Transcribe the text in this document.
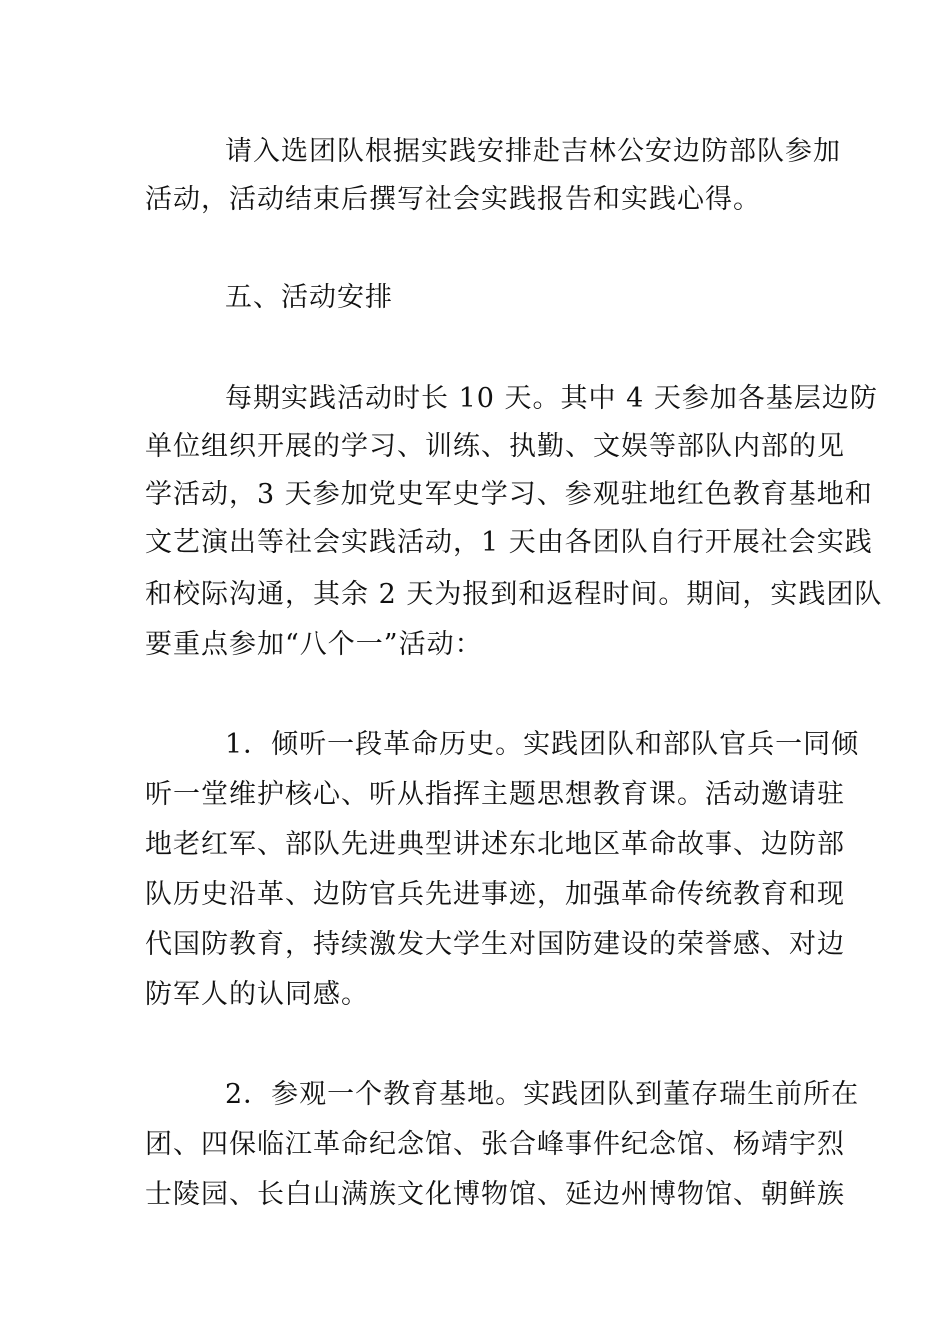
请入选团队根据实践安排赴吉林公安边防部队参加
活动，活动结束后撰写社会实践报告和实践心得。
五、活动安排
每期实践活动时长 10 天。其中 4 天参加各基层边防
单位组织开展的学习、训练、执勤、文娱等部队内部的见
学活动，3 天参加党史军史学习、参观驻地红色教育基地和
文艺演出等社会实践活动，1 天由各团队自行开展社会实践
和校际沟通，其余 2 天为报到和返程时间。期间，实践团队
要重点参加“八个一”活动：
1．倾听一段革命历史。实践团队和部队官兵一同倾
听一堂维护核心、听从指挥主题思想教育课。活动邀请驻
地老红军、部队先进典型讲述东北地区革命故事、边防部
队历史沿革、边防官兵先进事迹，加强革命传统教育和现
代国防教育，持续激发大学生对国防建设的荣誉感、对边
防军人的认同感。
2．参观一个教育基地。实践团队到董存瑞生前所在
团、四保临江革命纪念馆、张合峰事件纪念馆、杨靖宇烈
士陵园、长白山满族文化博物馆、延边州博物馆、朝鲜族
